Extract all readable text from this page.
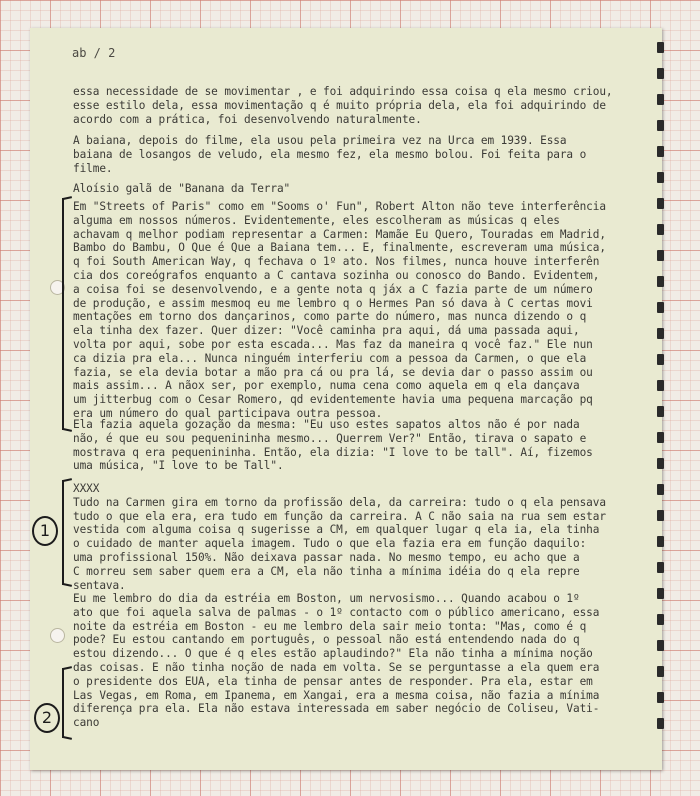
ab / 2
essa necessidade de se movimentar , e foi adquirindo essa coisa q ela mesmo criou,
esse estilo dela, essa movimentação q é muito própria dela, ela foi adquirindo de
acordo com a prática, foi desenvolvendo naturalmente.
A baiana, depois do filme, ela usou pela primeira vez na Urca em 1939. Essa
baiana de losangos de veludo, ela mesmo fez, ela mesmo bolou. Foi feita para o
filme.
Aloísio galã de "Banana da Terra"
Em "Streets of Paris" como em "Sooms o' Fun", Robert Alton não teve interferência
alguma em nossos números. Evidentemente, eles escolheram as músicas q eles
achavam q melhor podiam representar a Carmen: Mamãe Eu Quero, Touradas em Madrid,
Bambo do Bambu, O Que é Que a Baiana tem... E, finalmente, escreveram uma música,
q foi South American Way, q fechava o 1º ato. Nos filmes, nunca houve interferên
cia dos coreógrafos enquanto a C cantava sozinha ou conosco do Bando. Evidentem,
a coisa foi se desenvolvendo, e a gente nota q jáx a C fazia parte de um número
de produção, e assim mesmoq eu me lembro q o Hermes Pan só dava à C certas movi
mentações em torno dos dançarinos, como parte do número, mas nunca dizendo o q
ela tinha dex fazer. Quer dizer: "Você caminha pra aqui, dá uma passada aqui,
volta por aqui, sobe por esta escada... Mas faz da maneira q você faz." Ele nun
ca dizia pra ela... Nunca ninguém interferiu com a pessoa da Carmen, o que ela
fazia, se ela devia botar a mão pra cá ou pra lá, se devia dar o passo assim ou
mais assim... A nãox ser, por exemplo, numa cena como aquela em q ela dançava
um jitterbug com o Cesar Romero, qd evidentemente havia uma pequena marcação pq
era um número do qual participava outra pessoa.
Ela fazia aquela gozação da mesma: "Eu uso estes sapatos altos não é por nada
não, é que eu sou pequenininha mesmo... Querrem Ver?" Então, tirava o sapato e
mostrava q era pequenininha. Então, ela dizia: "I love to be tall". Aí, fizemos
uma música, "I love to be Tall".
1
XXXX
Tudo na Carmen gira em torno da profissão dela, da carreira: tudo o q ela pensava
tudo o que ela era, era tudo em função da carreira. A C não saia na rua sem estar
vestida com alguma coisa q sugerisse a CM, em qualquer lugar q ela ia, ela tinha
o cuidado de manter aquela imagem. Tudo o que ela fazia era em função daquilo:
uma profissional 150%. Não deixava passar nada. No mesmo tempo, eu acho que a
C morreu sem saber quem era a CM, ela não tinha a mínima idéia do q ela repre
sentava.
2
Eu me lembro do dia da estréia em Boston, um nervosismo... Quando acabou o 1º
ato que foi aquela salva de palmas - o 1º contacto com o público americano, essa
noite da estréia em Boston - eu me lembro dela sair meio tonta: "Mas, como é q
pode? Eu estou cantando em português, o pessoal não está entendendo nada do q
estou dizendo... O que é q eles estão aplaudindo?" Ela não tinha a mínima noção
das coisas. E não tinha noção de nada em volta. Se se perguntasse a ela quem era
o presidente dos EUA, ela tinha de pensar antes de responder. Pra ela, estar em
Las Vegas, em Roma, em Ipanema, em Xangai, era a mesma coisa, não fazia a mínima
diferença pra ela. Ela não estava interessada em saber negócio de Coliseu, Vati-
cano
